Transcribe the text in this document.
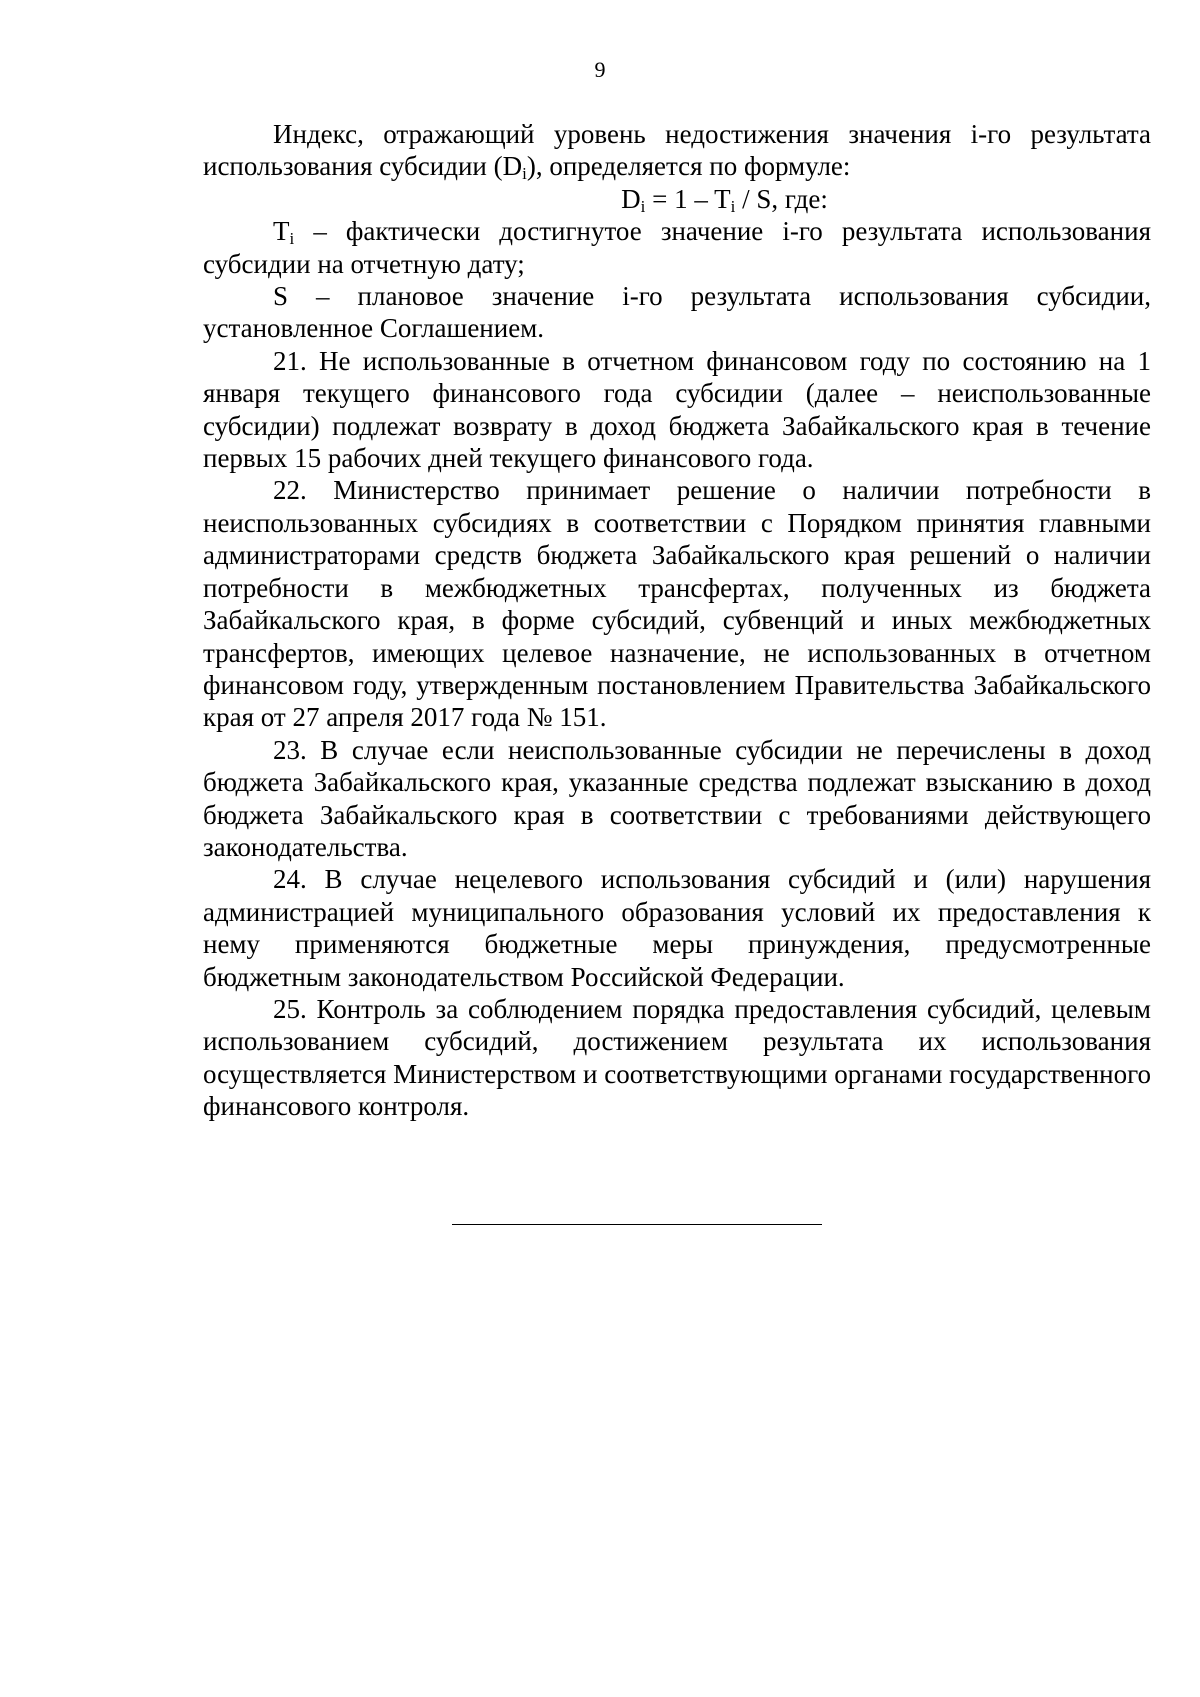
9

Индекс, отражающий уровень недостижения значения i-го результата использования субсидии $(D_i)$, определяется по формуле:

$D_i = 1 - T_i / S$, где:

$T_i$ – фактически достигнутое значение i-го результата использования субсидии на отчетную дату;

S – плановое значение i-го результата использования субсидии, установленное Соглашением.

21. Не использованные в отчетном финансовом году по состоянию на 1 января текущего финансового года субсидии (далее – неиспользованные субсидии) подлежат возврату в доход бюджета Забайкальского края в течение первых 15 рабочих дней текущего финансового года.

22. Министерство принимает решение о наличии потребности в неиспользованных субсидиях в соответствии с Порядком принятия главными администраторами средств бюджета Забайкальского края решений о наличии потребности в межбюджетных трансфертах, полученных из бюджета Забайкальского края, в форме субсидий, субвенций и иных межбюджетных трансфертов, имеющих целевое назначение, не использованных в отчетном финансовом году, утвержденным постановлением Правительства Забайкальского края от 27 апреля 2017 года № 151.

23. В случае если неиспользованные субсидии не перечислены в доход бюджета Забайкальского края, указанные средства подлежат взысканию в доход бюджета Забайкальского края в соответствии с требованиями действующего законодательства.

24. В случае нецелевого использования субсидий и (или) нарушения администрацией муниципального образования условий их предоставления к нему применяются бюджетные меры принуждения, предусмотренные бюджетным законодательством Российской Федерации.

25. Контроль за соблюдением порядка предоставления субсидий, целевым использованием субсидий, достижением результата их использования осуществляется Министерством и соответствующими органами государственного финансового контроля.
